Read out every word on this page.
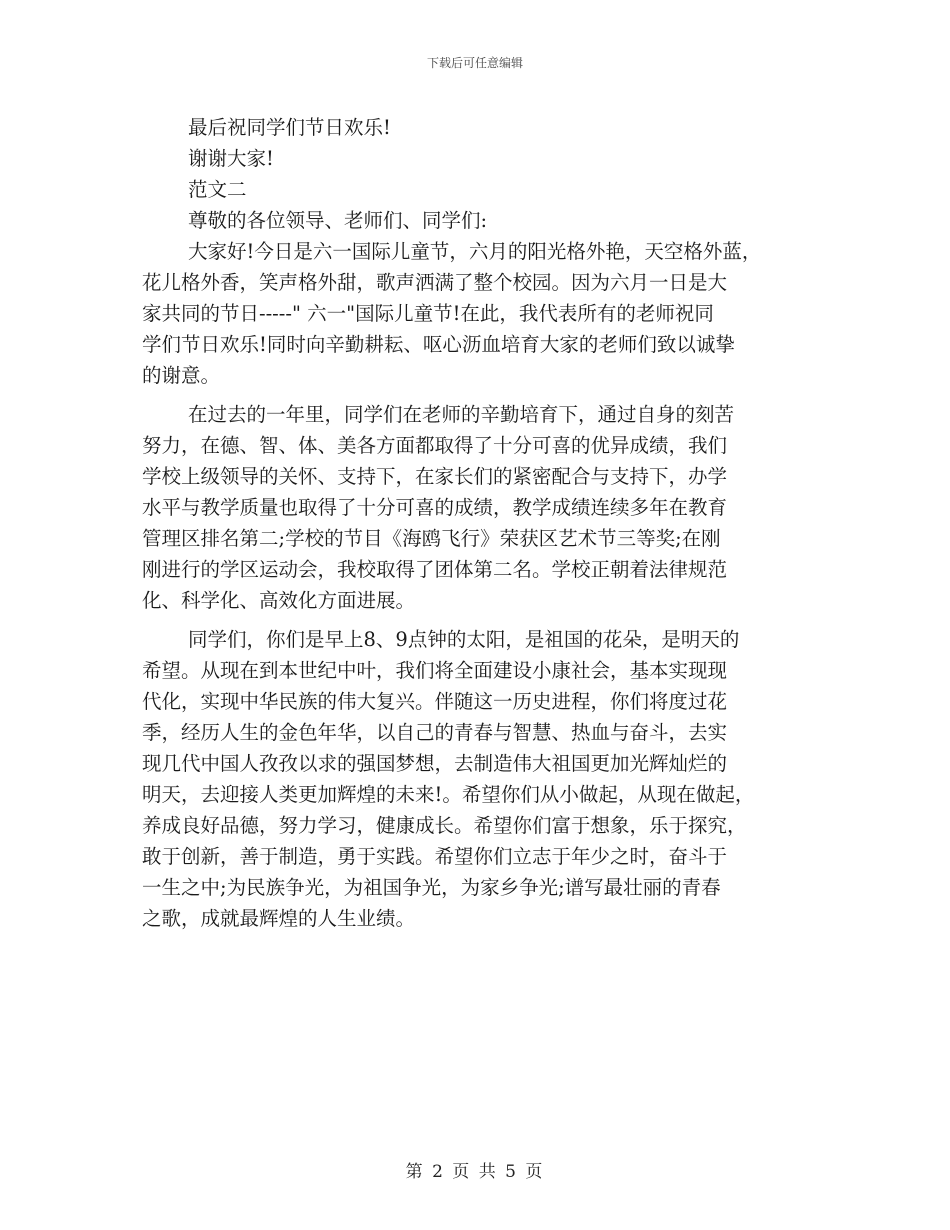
下载后可任意编辑

最后祝同学们节日欢乐!

谢谢大家!

范文二

尊敬的各位领导、老师们、同学们:

大家好!今日是六一国际儿童节，六月的阳光格外艳，天空格外蓝，

花儿格外香，笑声格外甜，歌声洒满了整个校园。因为六月一日是大

家共同的节日-----" 六一"国际儿童节!在此，我代表所有的老师祝同

学们节日欢乐!同时向辛勤耕耘、呕心沥血培育大家的老师们致以诚挚

的谢意。

在过去的一年里，同学们在老师的辛勤培育下，通过自身的刻苦

努力，在德、智、体、美各方面都取得了十分可喜的优异成绩，我们

学校上级领导的关怀、支持下，在家长们的紧密配合与支持下，办学

水平与教学质量也取得了十分可喜的成绩，教学成绩连续多年在教育

管理区排名第二;学校的节目《海鸥飞行》荣获区艺术节三等奖;在刚

刚进行的学区运动会，我校取得了团体第二名。学校正朝着法律规范

化、科学化、高效化方面进展。

同学们，你们是早上8、9点钟的太阳，是祖国的花朵，是明天的

希望。从现在到本世纪中叶，我们将全面建设小康社会，基本实现现

代化，实现中华民族的伟大复兴。伴随这一历史进程，你们将度过花

季，经历人生的金色年华，以自己的青春与智慧、热血与奋斗，去实

现几代中国人孜孜以求的强国梦想，去制造伟大祖国更加光辉灿烂的

明天，去迎接人类更加辉煌的未来!。希望你们从小做起，从现在做起，

养成良好品德，努力学习，健康成长。希望你们富于想象，乐于探究，

敢于创新，善于制造，勇于实践。希望你们立志于年少之时，奋斗于

一生之中;为民族争光，为祖国争光，为家乡争光;谱写最壮丽的青春

之歌，成就最辉煌的人生业绩。

第 2 页 共 5 页
